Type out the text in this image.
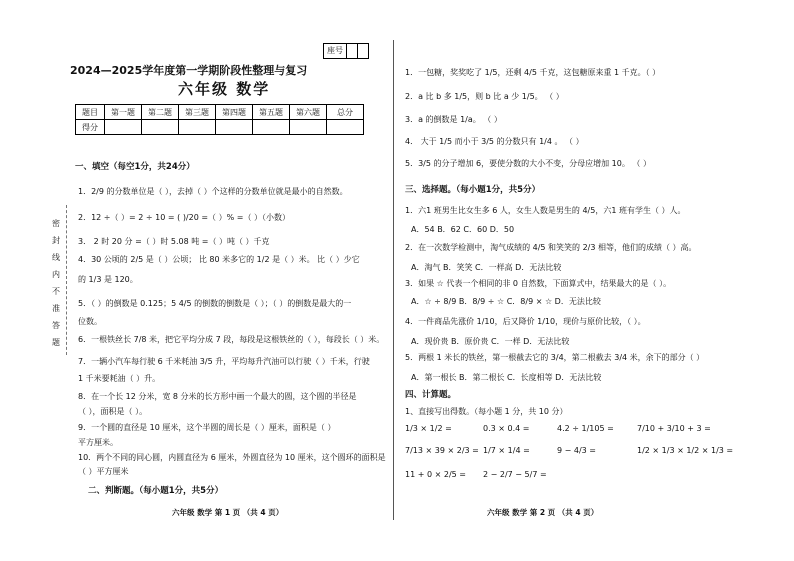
座号
2024—2025学年度第一学期阶段性整理与复习
六年级 数学
题目	第一题	第二题	第三题	第四题	第五题	第六题	总分
得分							
密封线内不准答题
一、填空（每空1分，共24分）
1．2/9 的分数单位是（ ），去掉（ ）个这样的分数单位就是最小的自然数。
2．12 ÷（ ）= 2 ÷ 10 = ( )/20 =（ ）% =（ ）（小数）
3． 2 时 20 分 =（ ）时 5.08 吨 =（ ）吨（ ）千克
4．30 公顷的 2/5 是（ ）公顷； 比 80 米多它的 1/2 是（ ）米。 比（ ）少它
的 1/3 是 120。
5．（ ）的倒数是 0.125；5 4/5 的倒数的倒数是（ ）；（ ）的倒数是最大的一
位数。
6．一根铁丝长 7/8 米，把它平均分成 7 段，每段是这根铁丝的（ ），每段长（ ）米。
7．一辆小汽车每行驶 6 千米耗油 3/5 升，平均每升汽油可以行驶（ ）千米，行驶
1 千米要耗油（ ）升。
8．在一个长 12 分米，宽 8 分米的长方形中画一个最大的圆，这个圆的半径是
（ ），面积是（ ）。
9．一个圆的直径是 10 厘米，这个半圆的周长是（ ）厘米，面积是（ ）
平方厘米。
10．两个不同的同心圆，内圆直径为 6 厘米，外圆直径为 10 厘米，这个圆环的面积是
（ ）平方厘米
二、判断题。（每小题1分，共5分）
六年级 数学 第 1 页 （共 4 页）
1．一包糖，奖奖吃了 1/5，还剩 4/5 千克，这包糖原来重 1 千克。（ ）
2．a 比 b 多 1/5，则 b 比 a 少 1/5。 （ ）
3．a 的倒数是 1/a。 （ ）
4． 大于 1/5 而小于 3/5 的分数只有 1/4 。 （ ）
5．3/5 的分子增加 6，要使分数的大小不变，分母应增加 10。 （ ）
三、选择题。（每小题1分，共5分）
1．六1 班男生比女生多 6 人，女生人数是男生的 4/5，六1 班有学生（ ）人。
A．54 B．62 C．60 D．50
2．在一次数学检测中，淘气成绩的 4/5 和笑笑的 2/3 相等，他们的成绩（ ）高。
A．淘气 B．笑笑 C．一样高 D．无法比较
3．如果 ☆ 代表一个相同的非 0 自然数，下面算式中，结果最大的是（ ）。
A．☆ ÷ 8/9 B．8/9 ÷ ☆ C．8/9 × ☆ D．无法比较
4．一件商品先涨价 1/10，后又降价 1/10，现价与原价比较，（ ）。
A．现价贵 B．原价贵 C．一样 D．无法比较
5．两根 1 米长的铁丝，第一根截去它的 3/4，第二根截去 3/4 米，余下的部分（ ）
A．第一根长 B．第二根长 C．长度相等 D．无法比较
四、计算题。
1、直接写出得数。（每小题 1 分，共 10 分）
1/3 × 1/2 =	0.3 × 0.4 =	4.2 ÷ 1/105 =	7/10 + 3/10 + 3 =
7/13 × 39 × 2/3 = 1/7 × 1/4 =	9 − 4/3 =	1/2 × 1/3 × 1/2 × 1/3 =
11 + 0 × 2/5 = 2 − 2/7 − 5/7 =
六年级 数学 第 2 页 （共 4 页）
